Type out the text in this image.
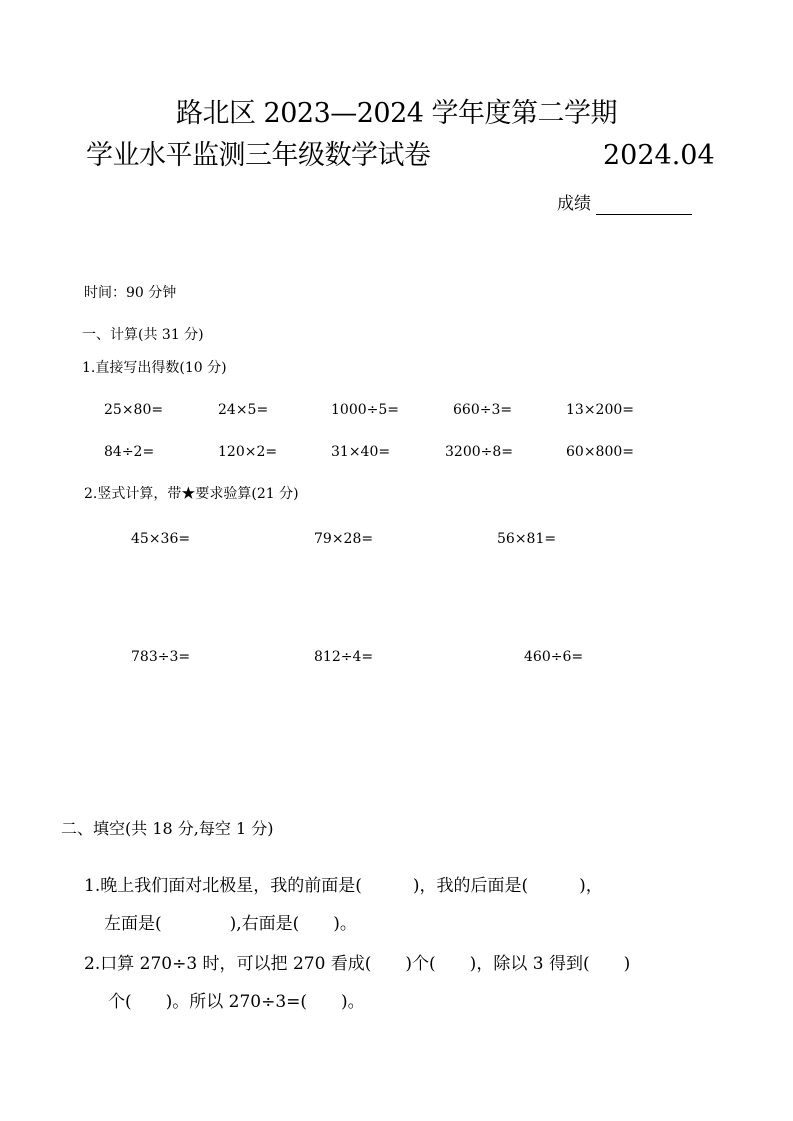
路北区 2023—2024 学年度第二学期
学业水平监测三年级数学试卷	2024.04
成绩
时间：90 分钟
一、计算(共 31 分)
1.直接写出得数(10 分)
25×80=	24×5=	1000÷5=	660÷3=	13×200=
84÷2=	120×2=	31×40=	3200÷8=	60×800=
2.竖式计算，带★要求验算(21 分)
45×36=	79×28=	56×81=
783÷3=	812÷4=	460÷6=
二、填空(共 18 分,每空 1 分)
1.晚上我们面对北极星，我的前面是(　　　)，我的后面是(　　　)，
左面是(　　　　),右面是(　　)。
2.口算 270÷3 时，可以把 270 看成(　　)个(　　)，除以 3 得到(　　)
个(　　)。所以 270÷3=(　　)。
